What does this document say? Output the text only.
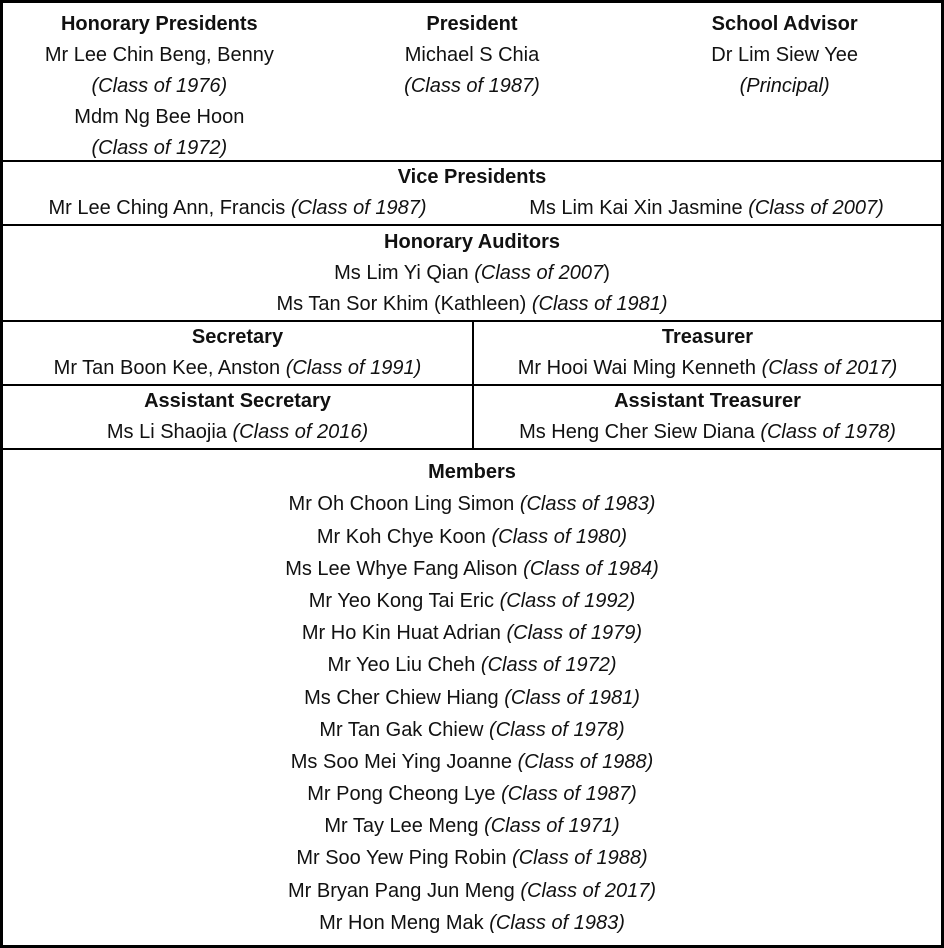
Honorary Presidents
Mr Lee Chin Beng, Benny
(Class of 1976)
Mdm Ng Bee Hoon
(Class of 1972)
President
Michael S Chia
(Class of 1987)
School Advisor
Dr Lim Siew Yee
(Principal)
Vice Presidents
Mr Lee Ching Ann, Francis (Class of 1987)	Ms Lim Kai Xin Jasmine (Class of 2007)
Honorary Auditors
Ms Lim Yi Qian (Class of 2007)
Ms Tan Sor Khim (Kathleen) (Class of 1981)
Secretary
Mr Tan Boon Kee, Anston (Class of 1991)
Treasurer
Mr Hooi Wai Ming Kenneth (Class of 2017)
Assistant Secretary
Ms Li Shaojia (Class of 2016)
Assistant Treasurer
Ms Heng Cher Siew Diana (Class of 1978)
Members
Mr Oh Choon Ling Simon (Class of 1983)
Mr Koh Chye Koon (Class of 1980)
Ms Lee Whye Fang Alison (Class of 1984)
Mr Yeo Kong Tai Eric (Class of 1992)
Mr Ho Kin Huat Adrian (Class of 1979)
Mr Yeo Liu Cheh (Class of 1972)
Ms Cher Chiew Hiang (Class of 1981)
Mr Tan Gak Chiew (Class of 1978)
Ms Soo Mei Ying Joanne (Class of 1988)
Mr Pong Cheong Lye (Class of 1987)
Mr Tay Lee Meng (Class of 1971)
Mr Soo Yew Ping Robin (Class of 1988)
Mr Bryan Pang Jun Meng (Class of 2017)
Mr Hon Meng Mak (Class of 1983)
